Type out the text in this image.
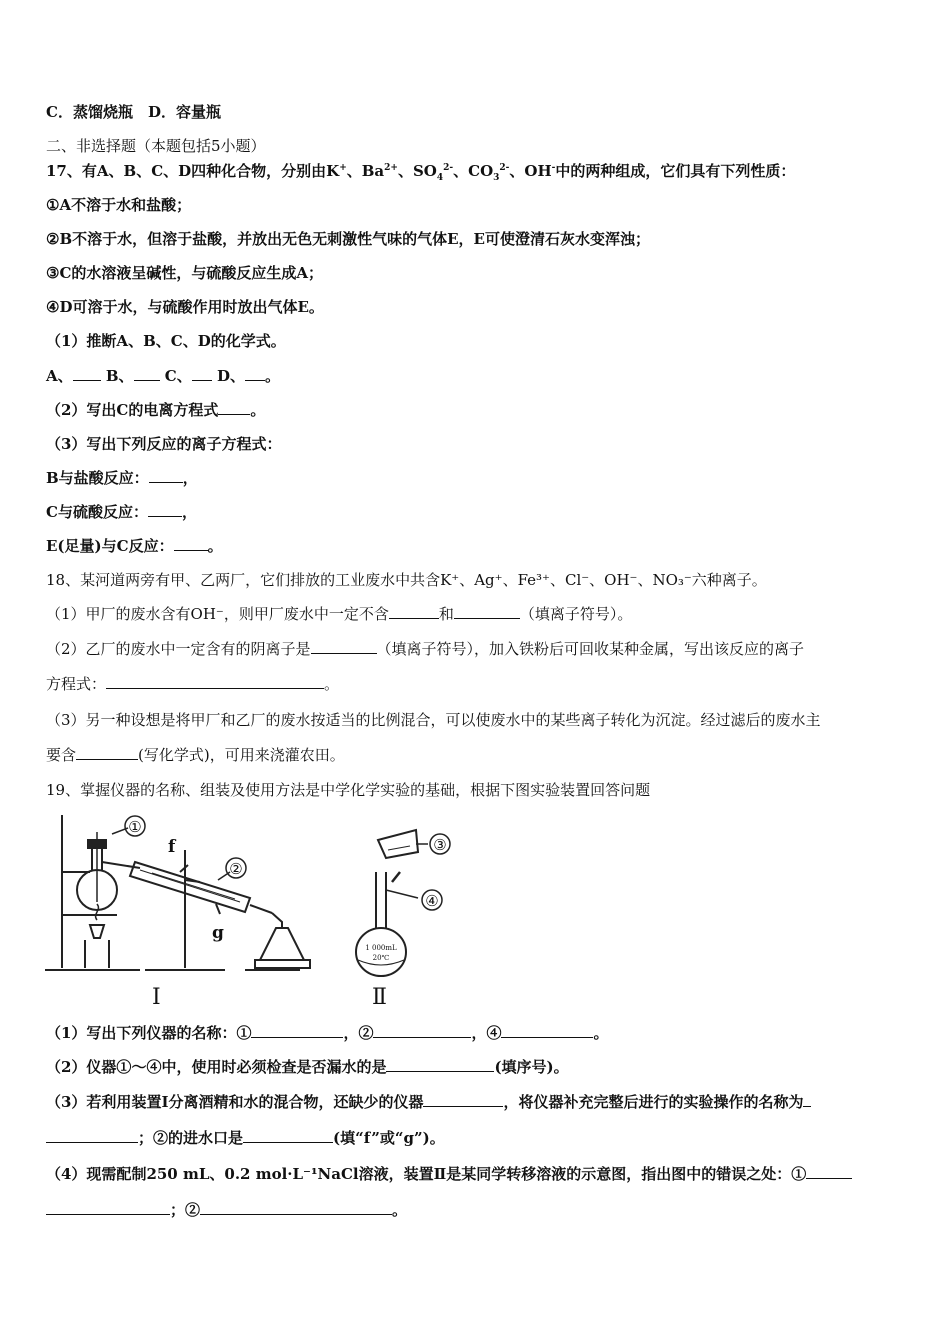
C．蒸馏烧瓶　D．容量瓶
二、非选择题（本题包括5小题）
17、有A、B、C、D四种化合物，分别由K+、$Ba^{2+}$、$SO_4^{2-}$、$CO_3^{2-}$、OH-中的两种组成，它们具有下列性质：
①A不溶于水和盐酸；
②B不溶于水，但溶于盐酸，并放出无色无刺激性气味的气体E，E可使澄清石灰水变浑浊；
③C的水溶液呈碱性，与硫酸反应生成A；
④D可溶于水，与硫酸作用时放出气体E。
（1）推断A、B、C、D的化学式。
A、 B、 C、 D、 。
（2）写出C的电离方程式 。
（3）写出下列反应的离子方程式：
B与盐酸反应： ，
C与硫酸反应： ，
E(足量)与C反应： 。
18、某河道两旁有甲、乙两厂，它们排放的工业废水中共含K⁺、Ag⁺、Fe³⁺、Cl⁻、OH⁻、NO₃⁻六种离子。
（1）甲厂的废水含有OH⁻，则甲厂废水中一定不含	和	（填离子符号）。
（2）乙厂的废水中一定含有的阴离子是	（填离子符号），加入铁粉后可回收某种金属，写出该反应的离子
方程式：	。
（3）另一种设想是将甲厂和乙厂的废水按适当的比例混合，可以使废水中的某些离子转化为沉淀。经过滤后的废水主
要含	(写化学式)，可用来浇灌农田。
19、掌握仪器的名称、组装及使用方法是中学化学实验的基础，根据下图实验装置回答问题
①
②
③
④
f
g
Ⅰ	Ⅱ
1 000mL
20℃
（1）写出下列仪器的名称：①	，②	，④	。
（2）仪器①～④中，使用时必须检查是否漏水的是	(填序号)。
（3）若利用装置Ⅰ分离酒精和水的混合物，还缺少的仪器	，将仪器补充完整后进行的实验操作的名称为
；②的进水口是	(填“f”或“g”)。
（4）现需配制250 mL、0.2 mol·L⁻¹NaCl溶液，装置Ⅱ是某同学转移溶液的示意图，指出图中的错误之处：①
；②	。
